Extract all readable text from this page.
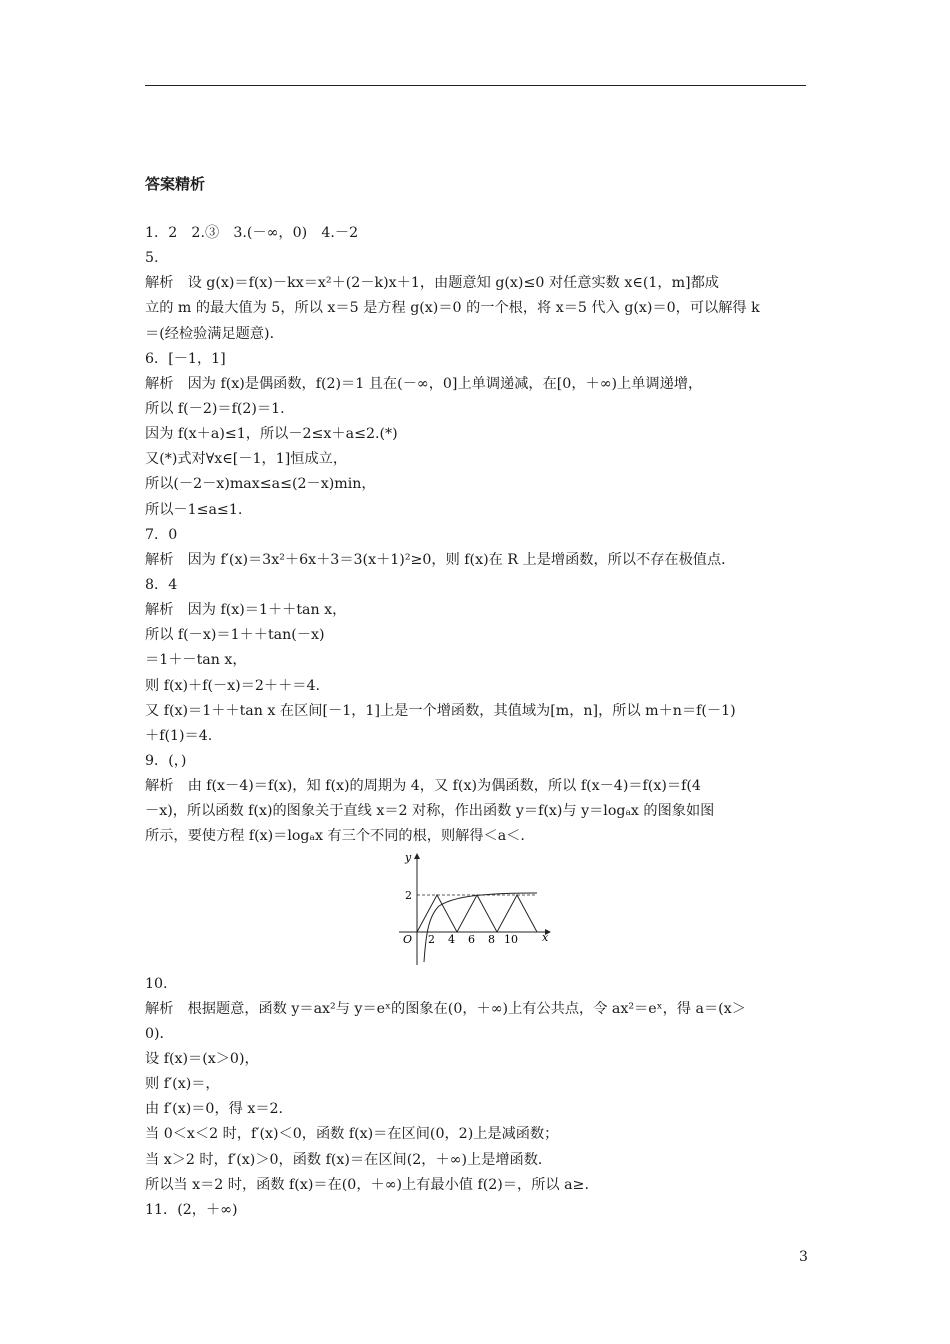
答案精析
1．2　2.③　3.(－∞，0)　4.－2
5.
解析　设 g(x)＝f(x)－kx＝x²＋(2－k)x＋1，由题意知 g(x)≤0 对任意实数 x∈(1，m]都成
立的 m 的最大值为 5，所以 x＝5 是方程 g(x)＝0 的一个根，将 x＝5 代入 g(x)＝0，可以解得 k
＝(经检验满足题意)．
6．[－1，1]
解析　因为 f(x)是偶函数，f(2)＝1 且在(－∞，0]上单调递减，在[0，＋∞)上单调递增，
所以 f(－2)＝f(2)＝1.
因为 f(x＋a)≤1，所以－2≤x＋a≤2.(*)
又(*)式对∀x∈[－1，1]恒成立，
所以(－2－x)max≤a≤(2－x)min，
所以－1≤a≤1.
7．0
解析　因为 f′(x)＝3x²＋6x＋3＝3(x＋1)²≥0，则 f(x)在 R 上是增函数，所以不存在极值点．
8．4
解析　因为 f(x)＝1＋＋tan x，
所以 f(－x)＝1＋＋tan(－x)
＝1＋－tan x，
则 f(x)＋f(－x)＝2＋＋＝4.
又 f(x)＝1＋＋tan x 在区间[－1，1]上是一个增函数，其值域为[m，n]，所以 m＋n＝f(－1)
＋f(1)＝4.
9．(，)
解析　由 f(x－4)＝f(x)，知 f(x)的周期为 4，又 f(x)为偶函数，所以 f(x－4)＝f(x)＝f(4
－x)，所以函数 f(x)的图象关于直线 x＝2 对称，作出函数 y＝f(x)与 y＝logₐx 的图象如图
所示，要使方程 f(x)＝logₐx 有三个不同的根，则解得＜a＜.
10.
解析　根据题意，函数 y＝ax²与 y＝eˣ的图象在(0，＋∞)上有公共点，令 ax²＝eˣ，得 a＝(x＞
0)．
设 f(x)＝(x＞0)，
则 f′(x)＝，
由 f′(x)＝0，得 x＝2.
当 0＜x＜2 时，f′(x)＜0，函数 f(x)＝在区间(0，2)上是减函数；
当 x＞2 时，f′(x)＞0，函数 f(x)＝在区间(2，＋∞)上是增函数．
所以当 x＝2 时，函数 f(x)＝在(0，＋∞)上有最小值 f(2)＝，所以 a≥.
11．(2，＋∞)
y
x
O
2
2 4 6 8 10
3
